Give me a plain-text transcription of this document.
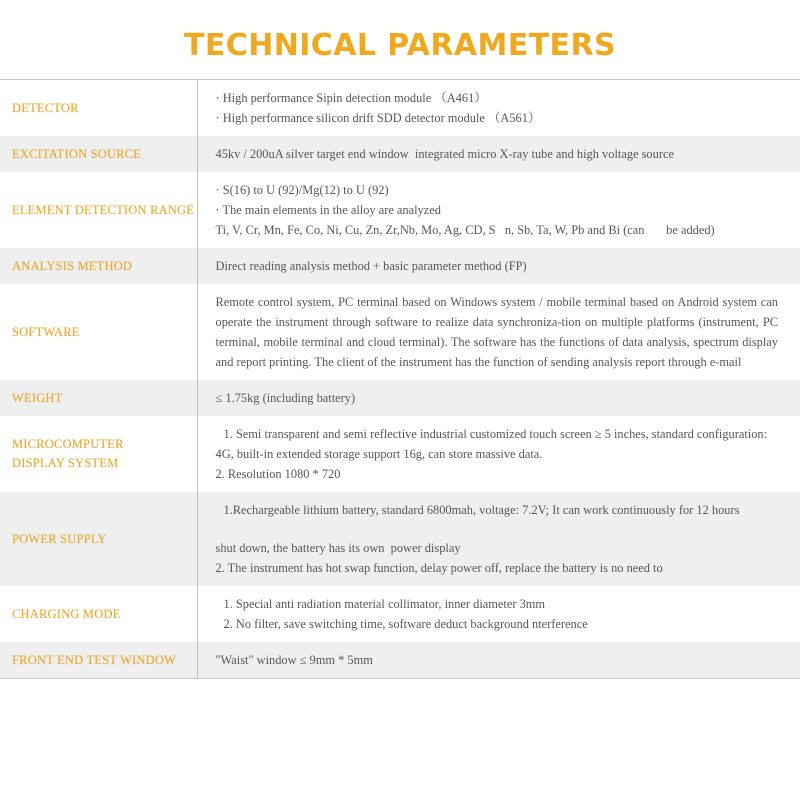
TECHNICAL PARAMETERS
DETECTOR	· High performance Sipin detection module （A461）
· High performance silicon drift SDD detector module （A561）

EXCITATION SOURCE	45kv / 200uA silver target end window  integrated micro X-ray tube and high voltage source

ELEMENT DETECTION RANGE	· S(16) to U (92)/Mg(12) to U (92)
· The main elements in the alloy are analyzed
Ti, V, Cr, Mn, Fe, Co, Ni, Cu, Zn, Zr,Nb, Mo, Ag, CD, S   n, Sb, Ta, W, Pb and Bi (can       be added)

ANALYSIS METHOD	Direct reading analysis method + basic parameter method (FP)

SOFTWARE	Remote control system, PC terminal based on Windows system / mobile terminal based on Android system can operate the instrument through software to realize data synchroniza-tion on multiple platforms (instrument, PC terminal, mobile terminal and cloud terminal). The software has the functions of data analysis, spectrum display and report printing. The client of the instrument has the function of sending analysis report through e-mail

WEIGHT	≤ 1.75kg (including battery)

MICROCOMPUTER
DISPLAY SYSTEM	1. Semi transparent and semi reflective industrial customized touch screen ≥ 5 inches, standard configuration:
4G, built-in extended storage support 16g, can store massive data.
2. Resolution 1080 * 720

POWER SUPPLY	1.Rechargeable lithium battery, standard 6800mah, voltage: 7.2V; It can work continuously for 12 hours
shut down, the battery has its own  power display
2. The instrument has hot swap function, delay power off, replace the battery is no need to

CHARGING MODE	1. Special anti radiation material collimator, inner diameter 3mm
2. No filter, save switching time, software deduct background nterference

FRONT END TEST WINDOW	"Waist" window ≤ 9mm * 5mm
